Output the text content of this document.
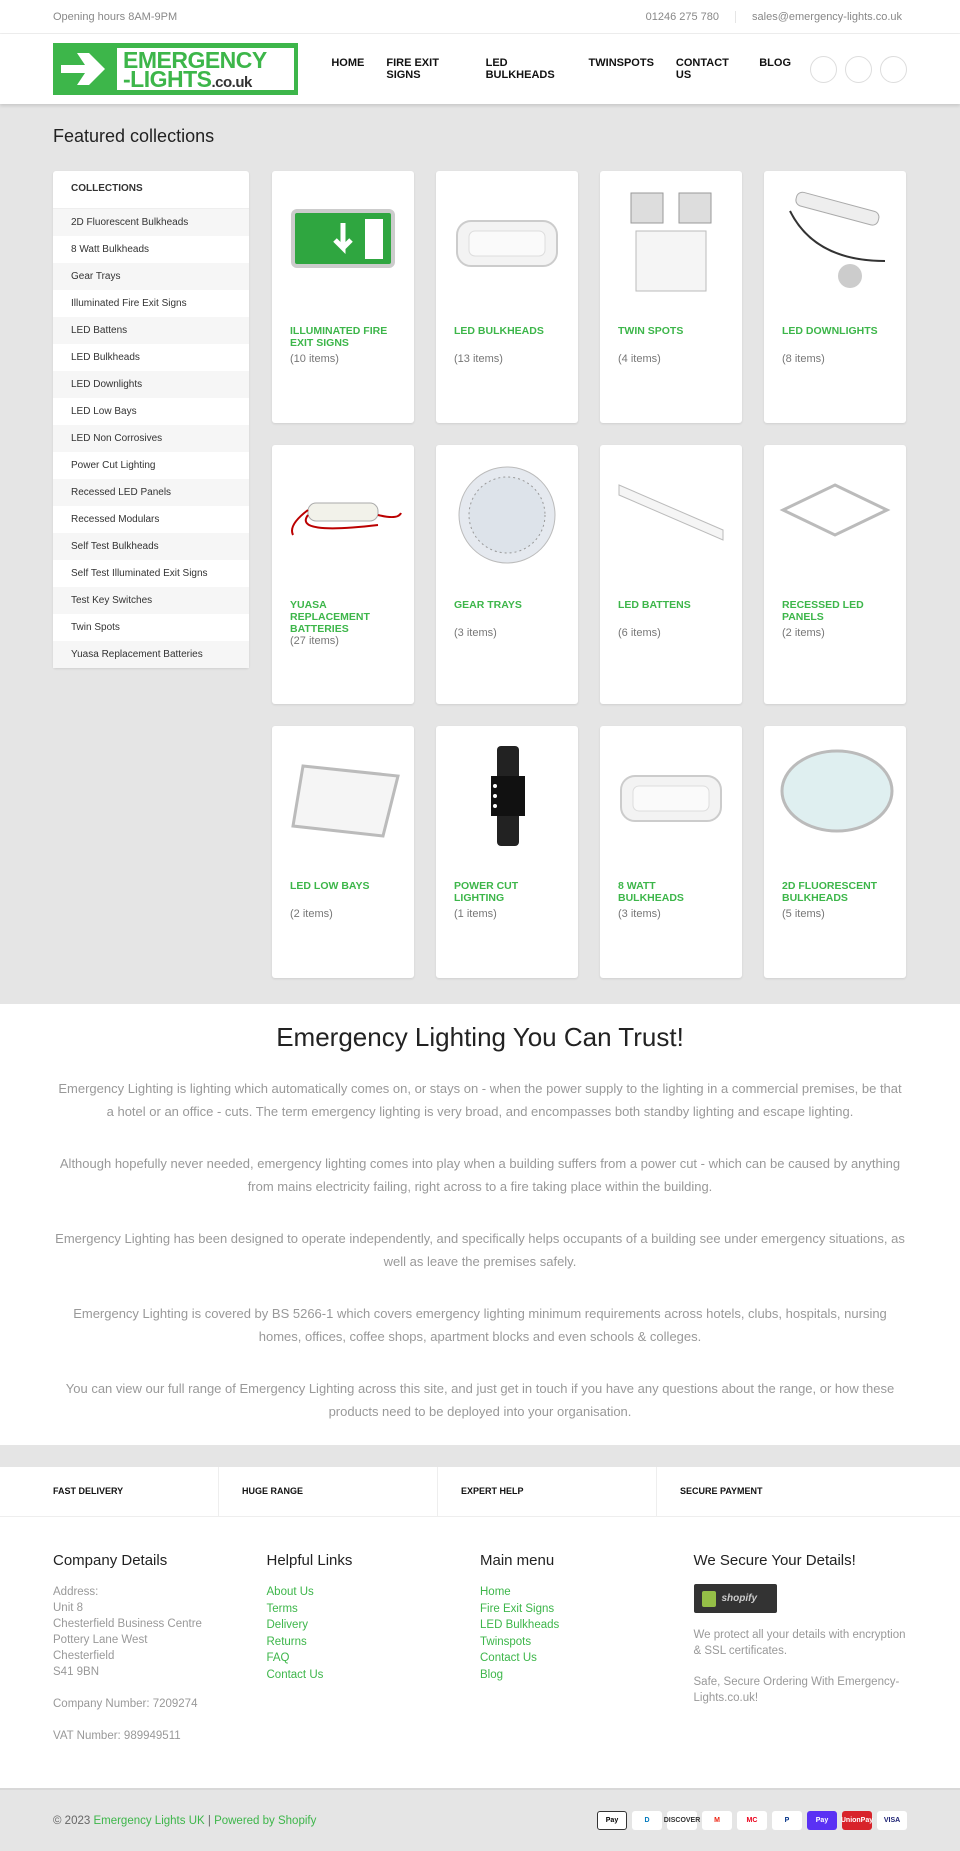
Opening hours 8AM-9PM	01246 275 780	sales@emergency-lights.co.uk
EMERGENCY
-LIGHTS.co.uk
HOME	FIRE EXIT SIGNS
LED BULKHEADS
TWINSPOTS	CONTACT US
BLOG
Featured collections
COLLECTIONS
2D Fluorescent Bulkheads
8 Watt Bulkheads
Gear Trays
Illuminated Fire Exit Signs
LED Battens
LED Bulkheads
LED Downlights
LED Low Bays
LED Non Corrosives
Power Cut Lighting
Recessed LED Panels
Recessed Modulars
Self Test Bulkheads
Self Test Illuminated Exit Signs
Test Key Switches
Twin Spots
Yuasa Replacement Batteries
ILLUMINATED FIRE EXIT SIGNS
(10 items)
LED BULKHEADS
(13 items)
TWIN SPOTS
(4 items)
LED DOWNLIGHTS
(8 items)
YUASA REPLACEMENT BATTERIES
(27 items)
GEAR TRAYS
(3 items)
LED BATTENS
(6 items)
RECESSED LED PANELS
(2 items)
LED LOW BAYS
(2 items)
POWER CUT LIGHTING
(1 items)
8 WATT BULKHEADS
(3 items)
2D FLUORESCENT BULKHEADS
(5 items)
Emergency Lighting You Can Trust!

Emergency Lighting is lighting which automatically comes on, or stays on - when the power supply to the lighting in a commercial premises, be that a hotel or an office - cuts. The term emergency lighting is very broad, and encompasses both standby lighting and escape lighting.

Although hopefully never needed, emergency lighting comes into play when a building suffers from a power cut - which can be caused by anything from mains electricity failing, right across to a fire taking place within the building.

Emergency Lighting has been designed to operate independently, and specifically helps occupants of a building see under emergency situations, as well as leave the premises safely.

Emergency Lighting is covered by BS 5266-1 which covers emergency lighting minimum requirements across hotels, clubs, hospitals, nursing homes, offices, coffee shops, apartment blocks and even schools & colleges.

You can view our full range of Emergency Lighting across this site, and just get in touch if you have any questions about the range, or how these products need to be deployed into your organisation.

FAST DELIVERY	HUGE RANGE	EXPERT HELP	SECURE PAYMENT
Company Details
Address:
Unit 8
Chesterfield Business Centre
Pottery Lane West
Chesterfield
S41 9BN
Company Number: 7209274
VAT Number: 989949511
Helpful Links
About Us
Terms
Delivery
Returns
FAQ
Contact Us
Main menu
Home
Fire Exit Signs
LED Bulkheads
Twinspots
Contact Us
Blog
We Secure Your Details!
shopify
We protect all your details with encryption & SSL certificates.
Safe, Secure Ordering With Emergency-Lights.co.uk!
© 2023 Emergency Lights UK | Powered by Shopify	Pay	D	DISCOVER	M	MC	P	Pay	UnionPay	VISA
